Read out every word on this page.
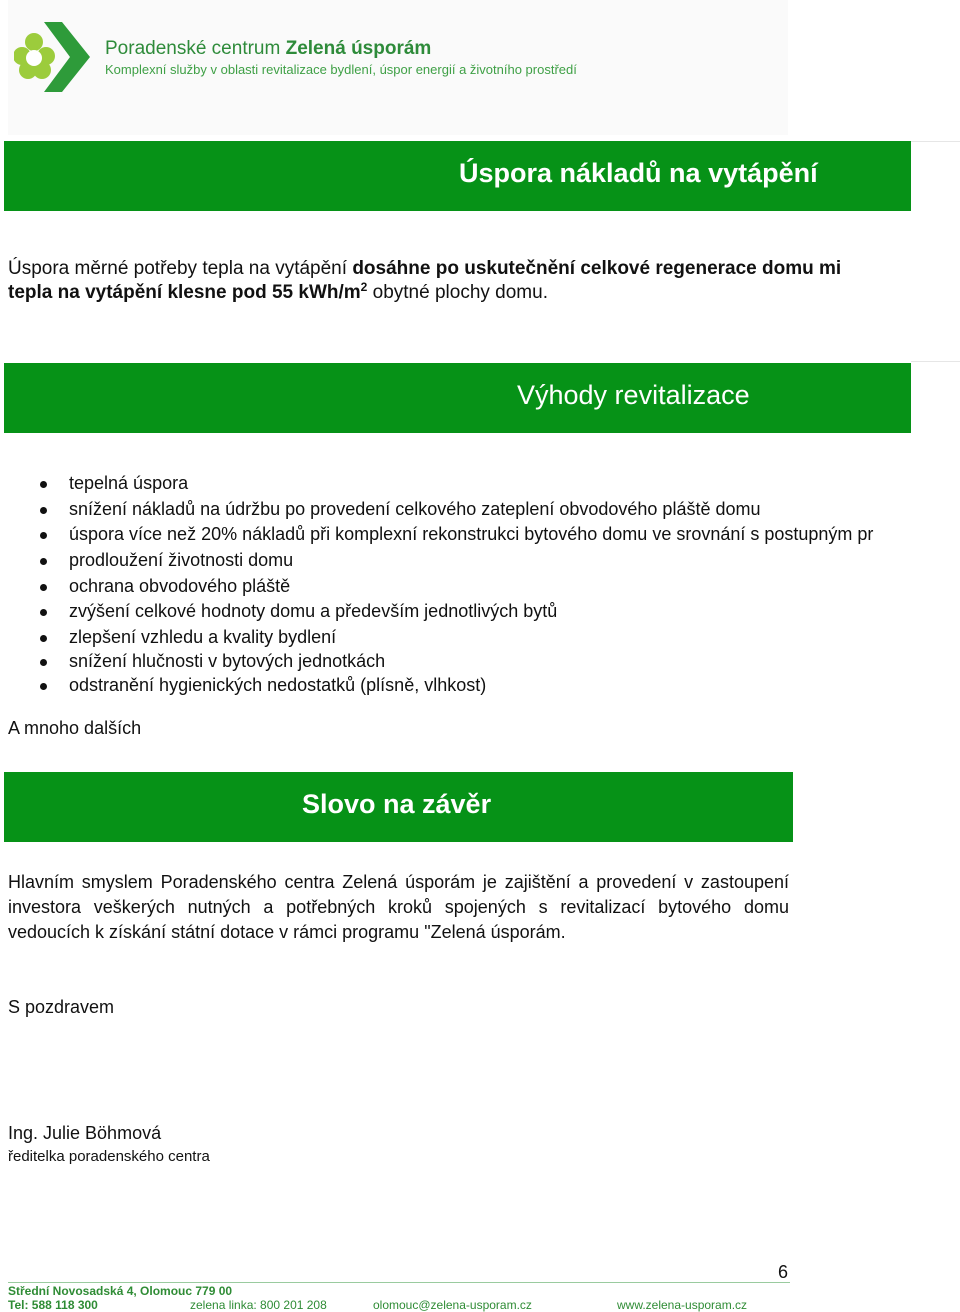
Poradenské centrum Zelená úsporám
Komplexní služby v oblasti revitalizace bydlení, úspor energií a životního prostředí
Úspora nákladů na vytápění
Úspora měrné potřeby tepla na vytápění dosáhne po uskutečnění celkové regenerace domu mi
tepla na vytápění klesne pod 55 kWh/$m^2$ obytné plochy domu.
Výhody revitalizace
tepelná úspora
snížení nákladů na údržbu po provedení celkového zateplení obvodového pláště domu
úspora více než 20% nákladů při komplexní rekonstrukci bytového domu ve srovnání s postupným pr
prodloužení životnosti domu
ochrana obvodového pláště
zvýšení celkové hodnoty domu a především jednotlivých bytů
zlepšení vzhledu a kvality bydlení
snížení hlučnosti v bytových jednotkách
odstranění hygienických nedostatků (plísně, vlhkost)
A mnoho dalších
Slovo na závěr
Hlavním smyslem Poradenského centra Zelená úsporám je zajištění a provedení v zastoupení investora veškerých nutných a potřebných kroků spojených s revitalizací bytového domu vedoucích k získání státní dotace v rámci programu "Zelená úsporám.
S pozdravem
Ing. Julie Böhmová
ředitelka poradenského centra
6
Střední Novosadská 4, Olomouc 779 00
Tel: 588 118 300	zelena linka: 800 201 208	olomouc@zelena-usporam.cz	www.zelena-usporam.cz
